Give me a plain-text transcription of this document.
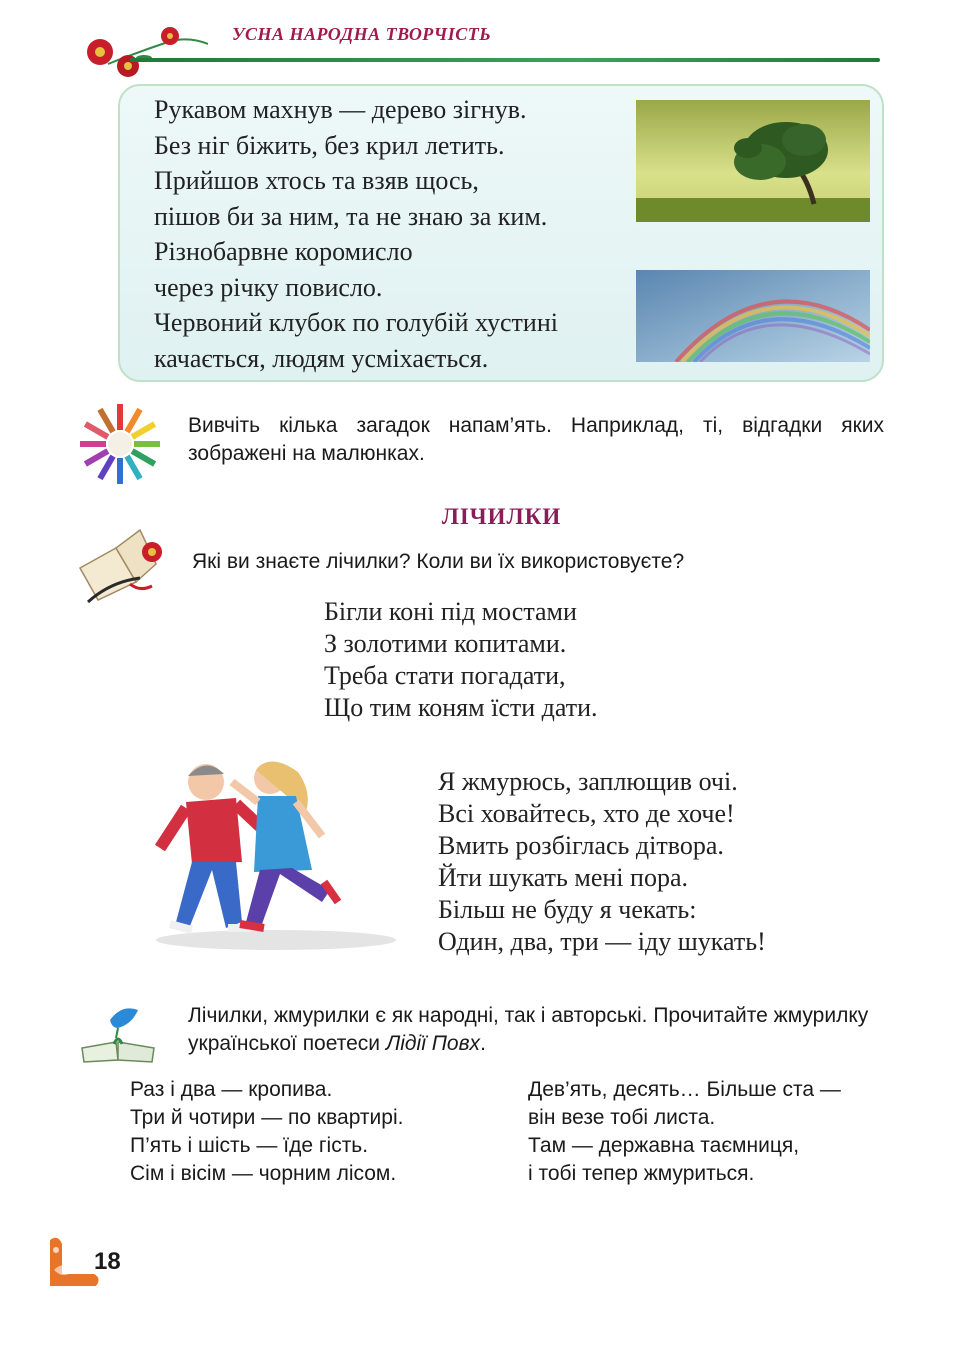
УСНА НАРОДНА ТВОРЧІСТЬ
Рукавом махнув — дерево зігнув.
Без ніг біжить, без крил летить.
Прийшов хтось та взяв щось,
пішов би за ним, та не знаю за ким.
Різнобарвне коромисло
через річку повисло.
Червоний клубок по голубій хустині
качається, людям усміхається.
Вивчіть кілька загадок напам’ять. Наприклад, ті, відгадки яких зображені на малюнках.
ЛІЧИЛКИ
Які ви знаєте лічилки? Коли ви їх використовуєте?
Бігли коні під мостами
З золотими копитами.
Треба стати погадати,
Що тим коням їсти дати.
Я жмурюсь, заплющив очі.
Всі ховайтесь, хто де хоче!
Вмить розбіглась дітвора.
Йти шукать мені пора.
Більш не буду я чекать:
Один, два, три — іду шукать!
Лічилки, жмурилки є як народні, так і авторські. Прочитайте жмурилку української поетеси Лідії Повх.
Раз і два — кропива.
Три й чотири — по квартирі.
П’ять і шість — їде гість.
Сім і вісім — чорним лісом.
Дев’ять, десять… Більше ста —
він везе тобі листа.
Там — державна таємниця,
і тобі тепер жмуриться.
18
